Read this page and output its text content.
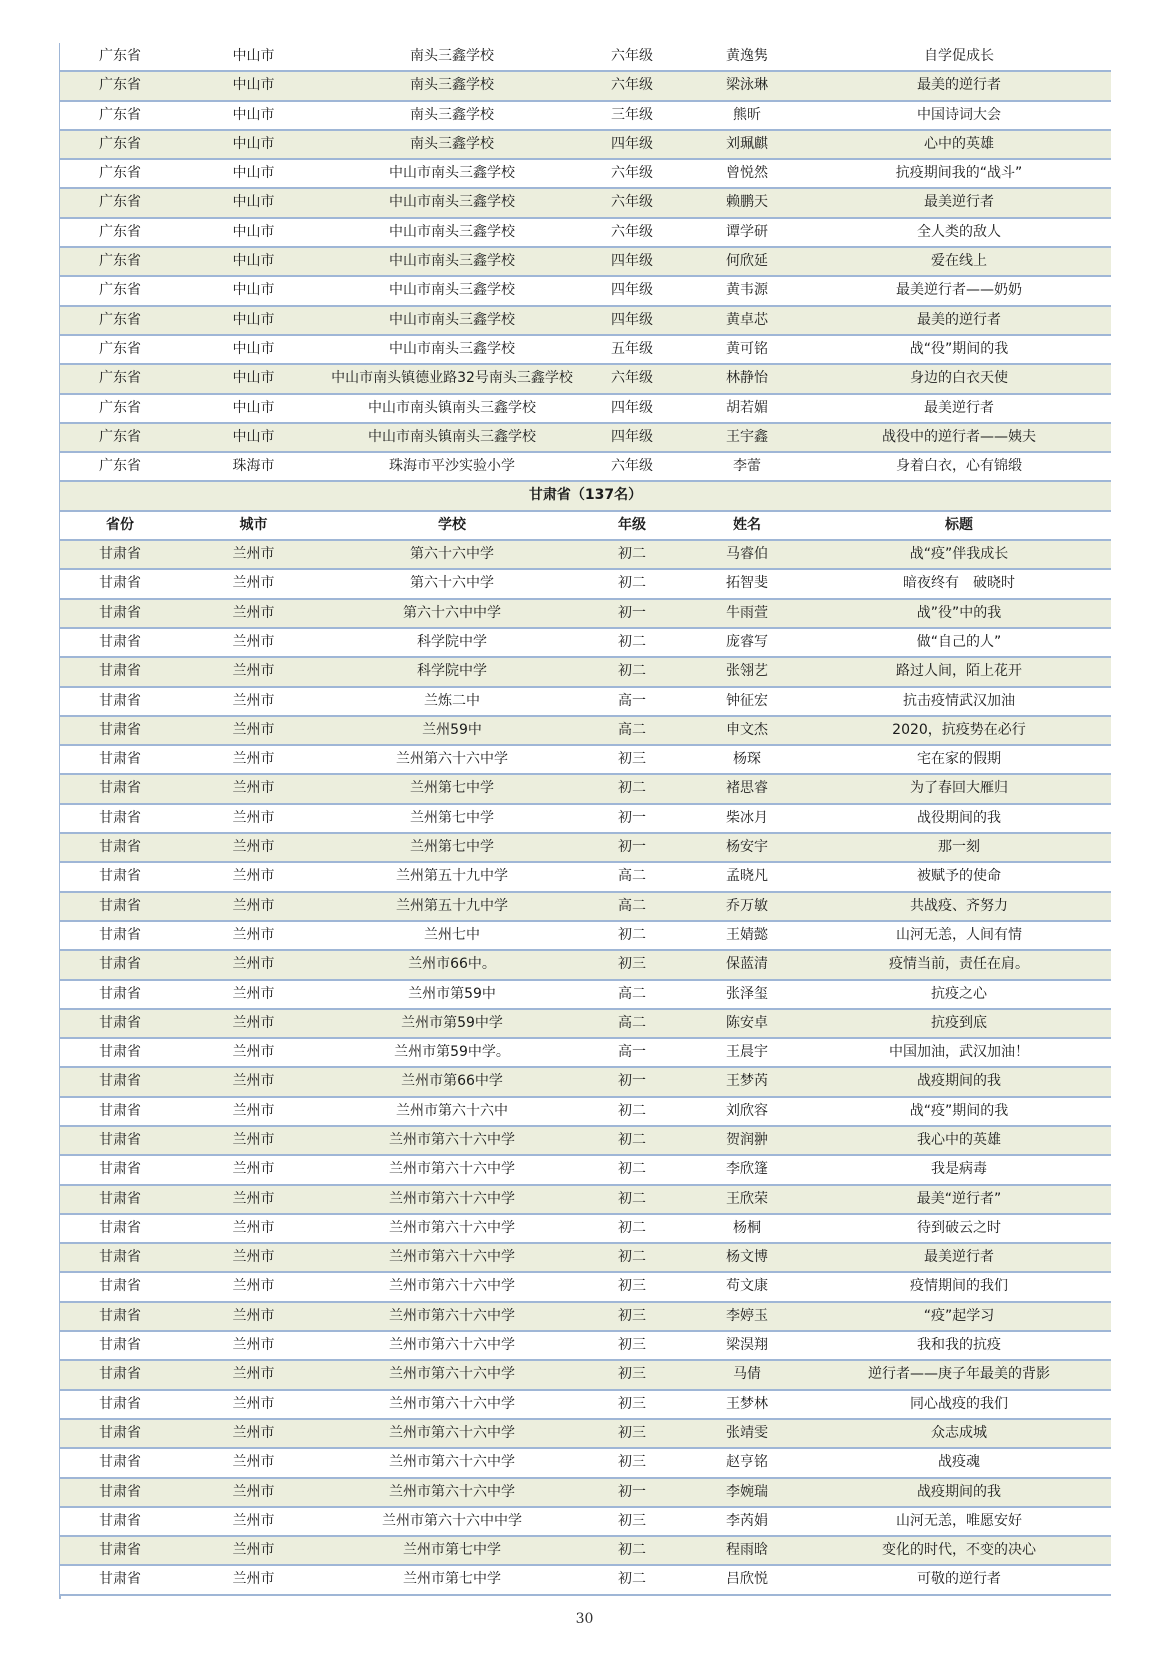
广东省	中山市	南头三鑫学校	六年级	黄逸隽	自学促成长
广东省	中山市	南头三鑫学校	六年级	梁泳琳	最美的逆行者
广东省	中山市	南头三鑫学校	三年级	熊昕	中国诗词大会
广东省	中山市	南头三鑫学校	四年级	刘珮麒	心中的英雄
广东省	中山市	中山市南头三鑫学校	六年级	曾悦然	抗疫期间我的“战斗”
广东省	中山市	中山市南头三鑫学校	六年级	赖鹏天	最美逆行者
广东省	中山市	中山市南头三鑫学校	六年级	谭学研	全人类的敌人
广东省	中山市	中山市南头三鑫学校	四年级	何欣延	爱在线上
广东省	中山市	中山市南头三鑫学校	四年级	黄韦源	最美逆行者——奶奶
广东省	中山市	中山市南头三鑫学校	四年级	黄卓芯	最美的逆行者
广东省	中山市	中山市南头三鑫学校	五年级	黄可铭	战“役”期间的我
广东省	中山市	中山市南头镇德业路32号南头三鑫学校	六年级	林静怡	身边的白衣天使
广东省	中山市	中山市南头镇南头三鑫学校	四年级	胡若媚	最美逆行者
广东省	中山市	中山市南头镇南头三鑫学校	四年级	王宇鑫	战役中的逆行者——姨夫
广东省	珠海市	珠海市平沙实验小学	六年级	李蕾	身着白衣，心有锦缎
甘肃省（137名）
省份	城市	学校	年级	姓名	标题
甘肃省	兰州市	第六十六中学	初二	马睿伯	战“疫”伴我成长
甘肃省	兰州市	第六十六中学	初二	拓智斐	暗夜终有　破晓时
甘肃省	兰州市	第六十六中中学	初一	牛雨萱	战”役”中的我
甘肃省	兰州市	科学院中学	初二	庞睿写	做“自己的人”
甘肃省	兰州市	科学院中学	初二	张翎艺	路过人间，陌上花开
甘肃省	兰州市	兰炼二中	高一	钟征宏	抗击疫情武汉加油
甘肃省	兰州市	兰州59中	高二	申文杰	2020，抗疫势在必行
甘肃省	兰州市	兰州第六十六中学	初三	杨琛	宅在家的假期
甘肃省	兰州市	兰州第七中学	初二	褚思睿	为了春回大雁归
甘肃省	兰州市	兰州第七中学	初一	柴冰月	战役期间的我
甘肃省	兰州市	兰州第七中学	初一	杨安宇	那一刻
甘肃省	兰州市	兰州第五十九中学	高二	孟晓凡	被赋予的使命
甘肃省	兰州市	兰州第五十九中学	高二	乔万敏	共战疫、齐努力
甘肃省	兰州市	兰州七中	初二	王婧懿	山河无恙，人间有情
甘肃省	兰州市	兰州市66中。	初三	保蓝清	疫情当前，责任在肩。
甘肃省	兰州市	兰州市第59中	高二	张泽玺	抗疫之心
甘肃省	兰州市	兰州市第59中学	高二	陈安卓	抗疫到底
甘肃省	兰州市	兰州市第59中学。	高一	王晨宇	中国加油，武汉加油！
甘肃省	兰州市	兰州市第66中学	初一	王梦芮	战疫期间的我
甘肃省	兰州市	兰州市第六十六中	初二	刘欣容	战“疫”期间的我
甘肃省	兰州市	兰州市第六十六中学	初二	贺润翀	我心中的英雄
甘肃省	兰州市	兰州市第六十六中学	初二	李欣篷	我是病毒
甘肃省	兰州市	兰州市第六十六中学	初二	王欣荣	最美“逆行者”
甘肃省	兰州市	兰州市第六十六中学	初二	杨桐	待到破云之时
甘肃省	兰州市	兰州市第六十六中学	初二	杨文博	最美逆行者
甘肃省	兰州市	兰州市第六十六中学	初三	苟文康	疫情期间的我们
甘肃省	兰州市	兰州市第六十六中学	初三	李婷玉	“疫”起学习
甘肃省	兰州市	兰州市第六十六中学	初三	梁淏翔	我和我的抗疫
甘肃省	兰州市	兰州市第六十六中学	初三	马倩	逆行者——庚子年最美的背影
甘肃省	兰州市	兰州市第六十六中学	初三	王梦林	同心战疫的我们
甘肃省	兰州市	兰州市第六十六中学	初三	张靖雯	众志成城
甘肃省	兰州市	兰州市第六十六中学	初三	赵亨铭	战疫魂
甘肃省	兰州市	兰州市第六十六中学	初一	李婉瑞	战疫期间的我
甘肃省	兰州市	兰州市第六十六中中学	初三	李芮娟	山河无恙，唯愿安好
甘肃省	兰州市	兰州市第七中学	初二	程雨晗	变化的时代，不变的决心
甘肃省	兰州市	兰州市第七中学	初二	吕欣悦	可敬的逆行者
30
